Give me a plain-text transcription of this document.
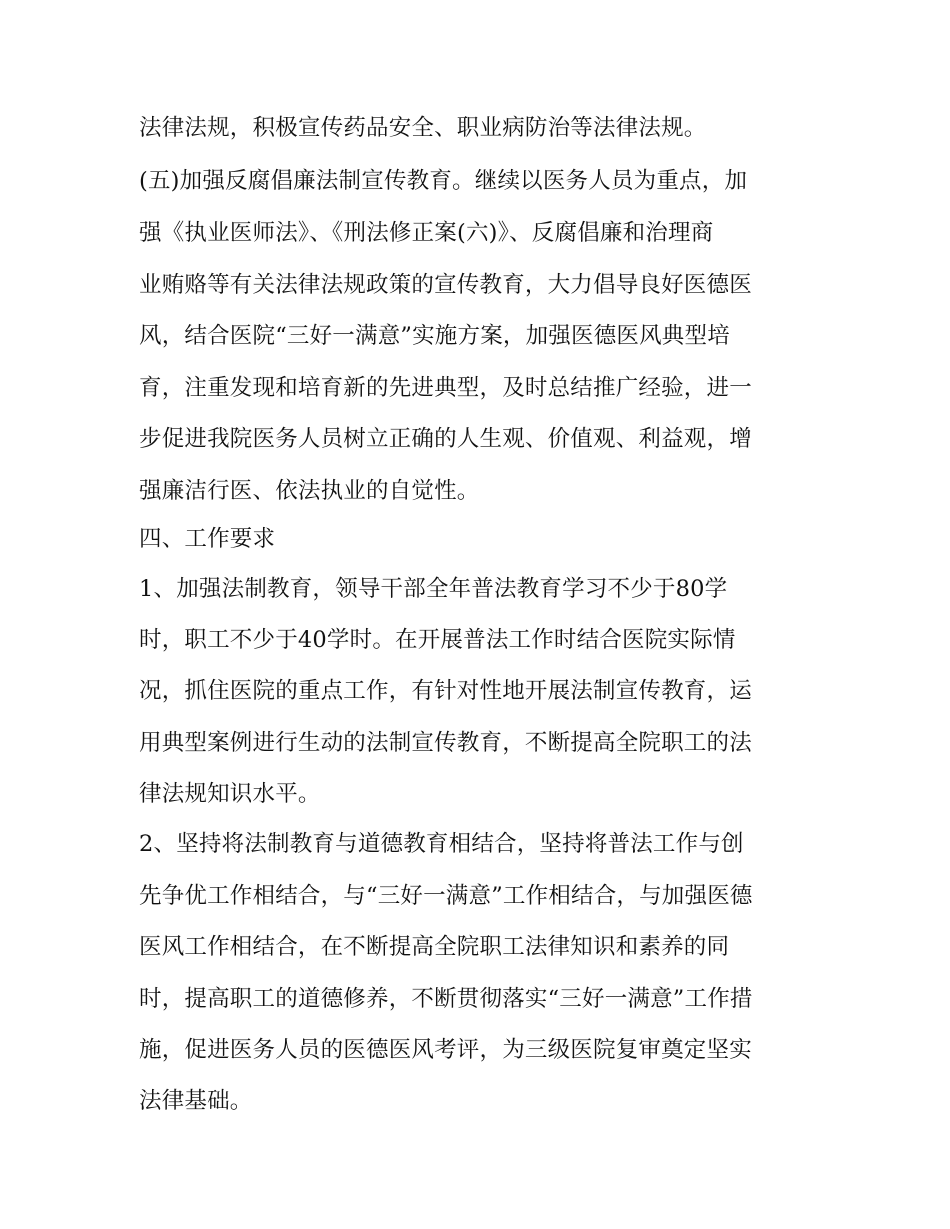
法律法规，积极宣传药品安全、职业病防治等法律法规。
(五)加强反腐倡廉法制宣传教育。继续以医务人员为重点，加
强《执业医师法》、《刑法修正案(六)》、反腐倡廉和治理商
业贿赂等有关法律法规政策的宣传教育，大力倡导良好医德医
风，结合医院“三好一满意”实施方案，加强医德医风典型培
育，注重发现和培育新的先进典型，及时总结推广经验，进一
步促进我院医务人员树立正确的人生观、价值观、利益观，增
强廉洁行医、依法执业的自觉性。
四、工作要求
1、加强法制教育，领导干部全年普法教育学习不少于80学
时，职工不少于40学时。在开展普法工作时结合医院实际情
况，抓住医院的重点工作，有针对性地开展法制宣传教育，运
用典型案例进行生动的法制宣传教育，不断提高全院职工的法
律法规知识水平。
2、坚持将法制教育与道德教育相结合，坚持将普法工作与创
先争优工作相结合，与“三好一满意”工作相结合，与加强医德
医风工作相结合，在不断提高全院职工法律知识和素养的同
时，提高职工的道德修养，不断贯彻落实“三好一满意”工作措
施，促进医务人员的医德医风考评，为三级医院复审奠定坚实
法律基础。
